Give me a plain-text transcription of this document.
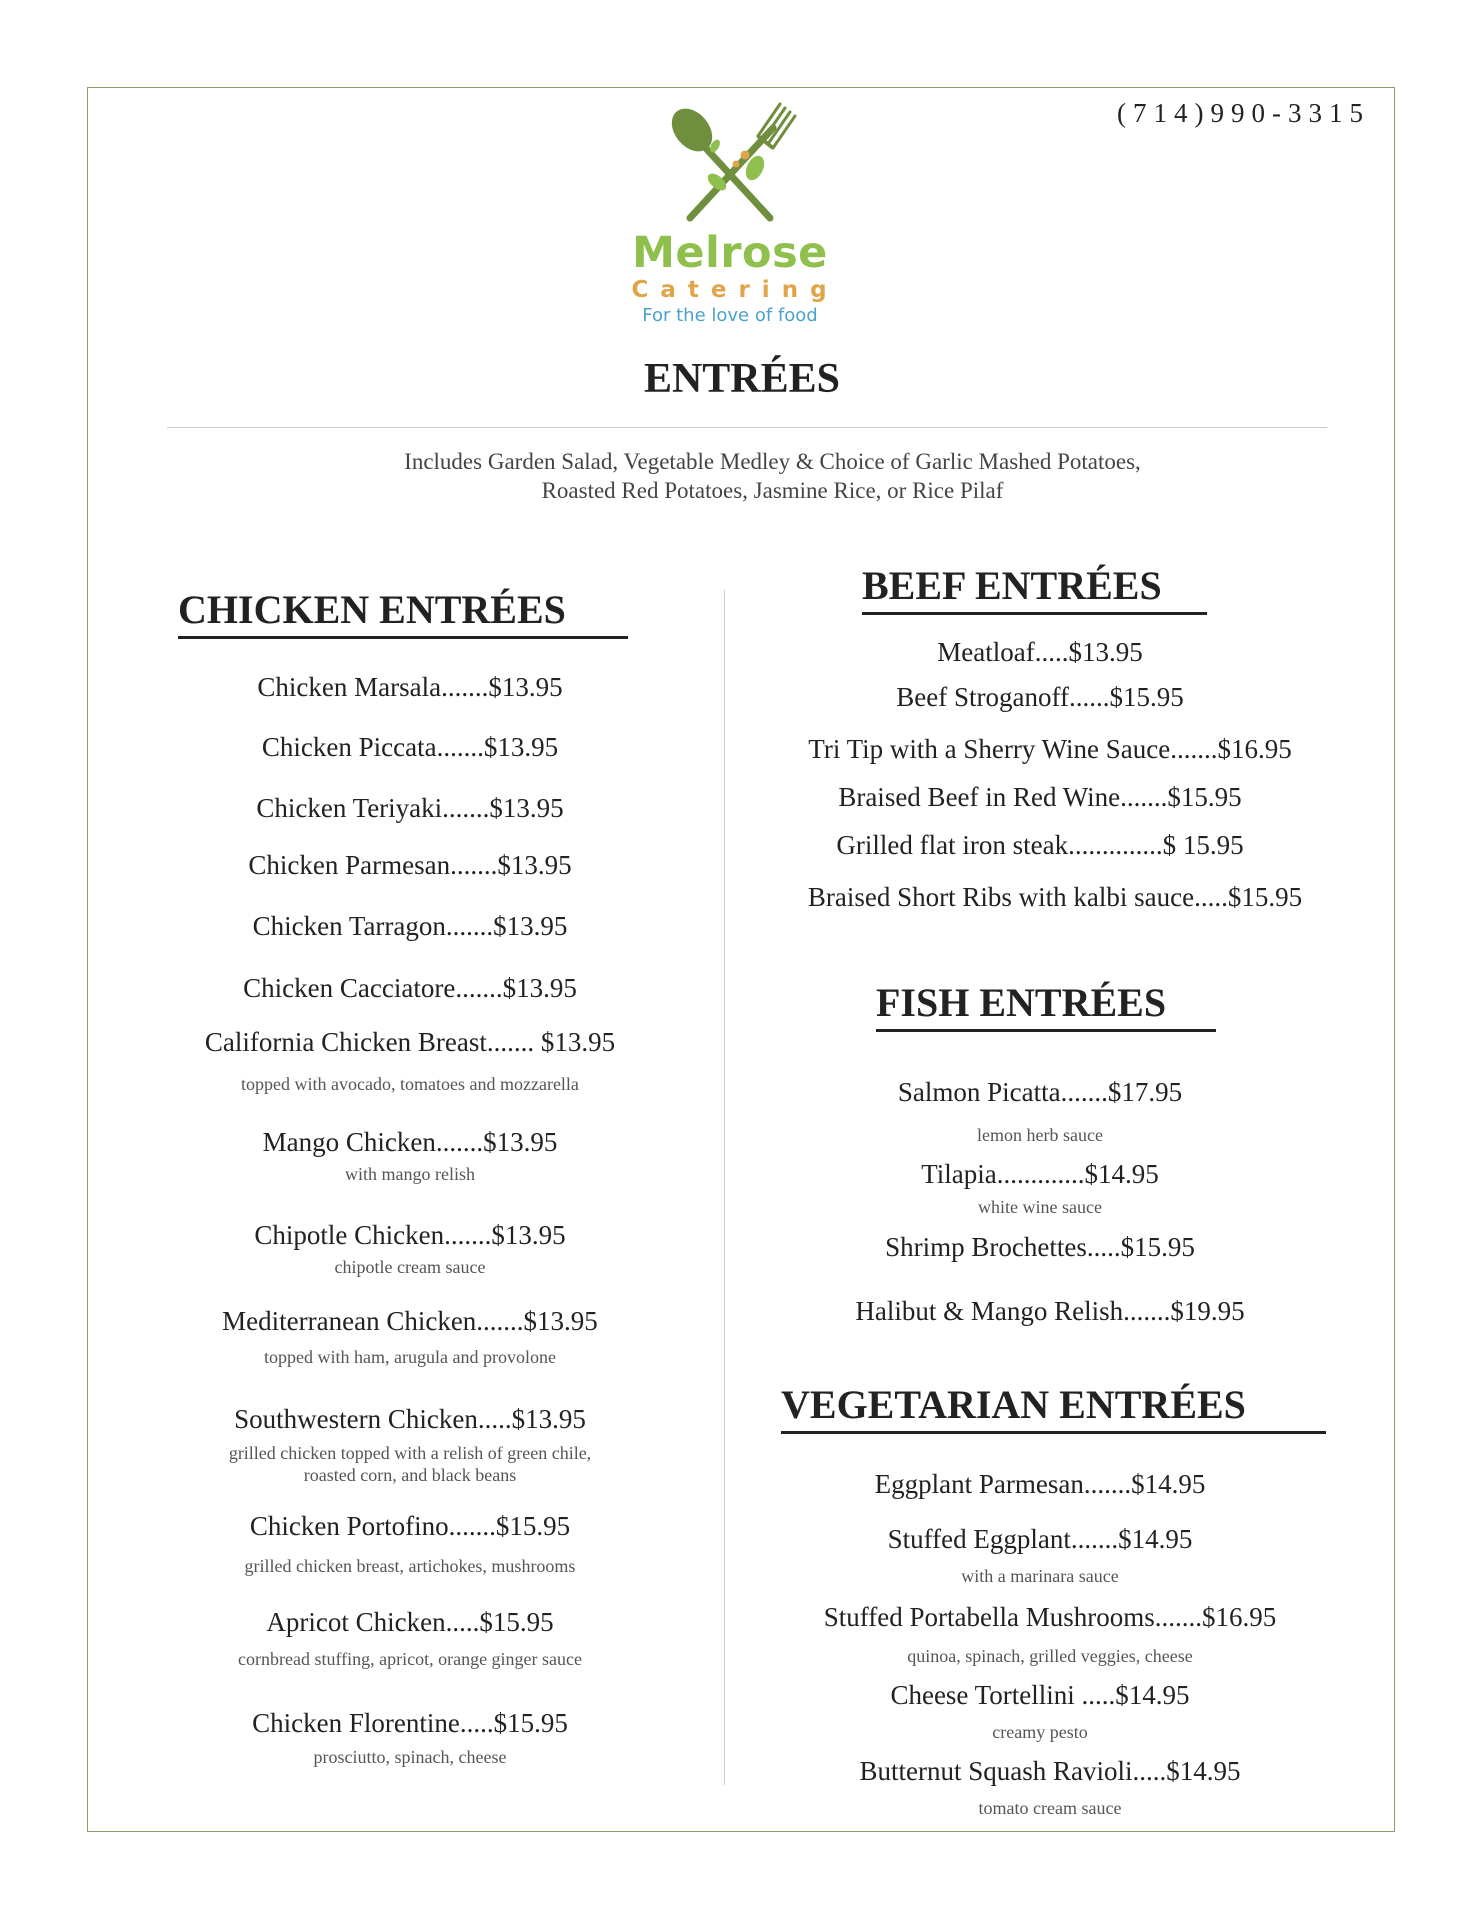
(714)990-3315
Melrose
Catering
For the love of food
ENTRÉES
Includes Garden Salad, Vegetable Medley & Choice of Garlic Mashed Potatoes,
Roasted Red Potatoes, Jasmine Rice, or Rice Pilaf
CHICKEN ENTRÉES
Chicken Marsala.......$13.95
Chicken Piccata.......$13.95
Chicken Teriyaki.......$13.95
Chicken Parmesan.......$13.95
Chicken Tarragon.......$13.95
Chicken Cacciatore.......$13.95
California Chicken Breast....... $13.95
topped with avocado, tomatoes and mozzarella
Mango Chicken.......$13.95
with mango relish
Chipotle Chicken.......$13.95
chipotle cream sauce
Mediterranean Chicken.......$13.95
topped with ham, arugula and provolone
Southwestern Chicken.....$13.95
grilled chicken topped with a relish of green chile,
roasted corn, and black beans
Chicken Portofino.......$15.95
grilled chicken breast, artichokes, mushrooms
Apricot Chicken.....$15.95
cornbread stuffing, apricot, orange ginger sauce
Chicken Florentine.....$15.95
prosciutto, spinach, cheese
BEEF ENTRÉES
Meatloaf.....$13.95
Beef Stroganoff......$15.95
Tri Tip with a Sherry Wine Sauce.......$16.95
Braised Beef in Red Wine.......$15.95
Grilled flat iron steak..............$ 15.95
Braised Short Ribs with kalbi sauce.....$15.95
FISH ENTRÉES
Salmon Picatta.......$17.95
lemon herb sauce
Tilapia.............$14.95
white wine sauce
Shrimp Brochettes.....$15.95
Halibut & Mango Relish.......$19.95
VEGETARIAN ENTRÉES
Eggplant Parmesan.......$14.95
Stuffed Eggplant.......$14.95
with a marinara sauce
Stuffed Portabella Mushrooms.......$16.95
quinoa, spinach, grilled veggies, cheese
Cheese Tortellini .....$14.95
creamy pesto
Butternut Squash Ravioli.....$14.95
tomato cream sauce
